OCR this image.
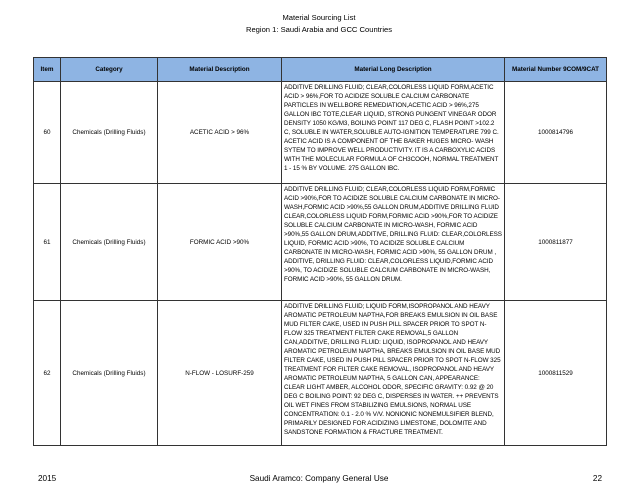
Material Sourcing List
Region 1: Saudi Arabia and GCC Countries
Item	Category	Material Description	Material Long Description	Material Number 9COM/9CAT
60	Chemicals (Drilling Fluids)	ACETIC ACID > 96%	ADDITIVE DRILLING FLUID; CLEAR,COLORLESS LIQUID FORM,ACETIC ACID > 96%,FOR TO ACIDIZE SOLUBLE CALCIUM CARBONATE PARTICLES IN WELLBORE REMEDIATION,ACETIC ACID > 96%,275 GALLON IBC TOTE,CLEAR LIQUID, STRONG PUNGENT VINEGAR ODOR DENSITY 1050 KG/M3, BOILING POINT 117 DEG C, FLASH POINT >102.2 C, SOLUBLE IN WATER,SOLUBLE AUTO-IGNITION TEMPERATURE 799 C. ACETIC ACID IS A COMPONENT OF THE BAKER HUGES MICRO- WASH SYTEM TO IMPROVE WELL PRODUCTIVITY. IT IS A CARBOXYLIC ACIDS WITH THE MOLECULAR FORMULA OF CH3COOH, NORMAL TREATMENT 1 - 15 % BY VOLUME. 275 GALLON IBC.	1000814796
61	Chemicals (Drilling Fluids)	FORMIC ACID >90%	ADDITIVE DRILLING FLUID; CLEAR,COLORLESS LIQUID FORM,FORMIC ACID >90%,FOR TO ACIDIZE SOLUBLE CALCIUM CARBONATE IN MICRO-WASH,FORMIC ACID >90%,55 GALLON DRUM,ADDITIVE DRILLING FLUID CLEAR,COLORLESS LIQUID FORM,FORMIC ACID >90%,FOR TO ACIDIZE SOLUBLE CALCIUM CARBONATE IN MICRO-WASH, FORMIC ACID >90%,55 GALLON DRUM,ADDITIVE, DRILLING FLUID: CLEAR,COLORLESS LIQUID, FORMIC ACID >90%, TO ACIDIZE SOLUBLE CALCIUM CARBONATE IN MICRO-WASH, FORMIC ACID >90%, 55 GALLON DRUM , ADDITIVE, DRILLING FLUID: CLEAR,COLORLESS LIQUID,FORMIC ACID >90%, TO ACIDIZE SOLUBLE CALCIUM CARBONATE IN MICRO-WASH, FORMIC ACID >90%, 55 GALLON DRUM.	1000811877
62	Chemicals (Drilling Fluids)	N-FLOW - LOSURF-259	ADDITIVE DRILLING FLUID; LIQUID FORM,ISOPROPANOL AND HEAVY AROMATIC PETROLEUM NAPTHA,FOR BREAKS EMULSION IN OIL BASE MUD FILTER CAKE, USED IN PUSH PILL SPACER PRIOR TO SPOT N-FLOW 325 TREATMENT FILTER CAKE REMOVAL,5 GALLON CAN,ADDITIVE, DRILLING FLUID: LIQUID, ISOPROPANOL AND HEAVY AROMATIC PETROLEUM NAPTHA, BREAKS EMULSION IN OIL BASE MUD FILTER CAKE, USED IN PUSH PILL SPACER PRIOR TO SPOT N-FLOW 325 TREATMENT FOR FILTER CAKE REMOVAL, ISOPROPANOL AND HEAVY AROMATIC PETROLEUM NAPTHA, 5 GALLON CAN, APPEARANCE: CLEAR LIGHT AMBER, ALCOHOL ODOR, SPECIFIC GRAVITY: 0.92 @ 20 DEG C BOILING POINT: 92 DEG C, DISPERSES IN WATER. ++ PREVENTS OIL WET FINES FROM STABILIZING EMULSIONS, NORMAL USE CONCENTRATION: 0.1 - 2.0 % V/V. NONIONIC NONEMULSIFIER BLEND, PRIMARILY DESIGNED FOR ACIDIZING LIMESTONE, DOLOMITE AND SANDSTONE FORMATION & FRACTURE TREATMENT.	1000811529
2015	Saudi Aramco: Company General Use	22
